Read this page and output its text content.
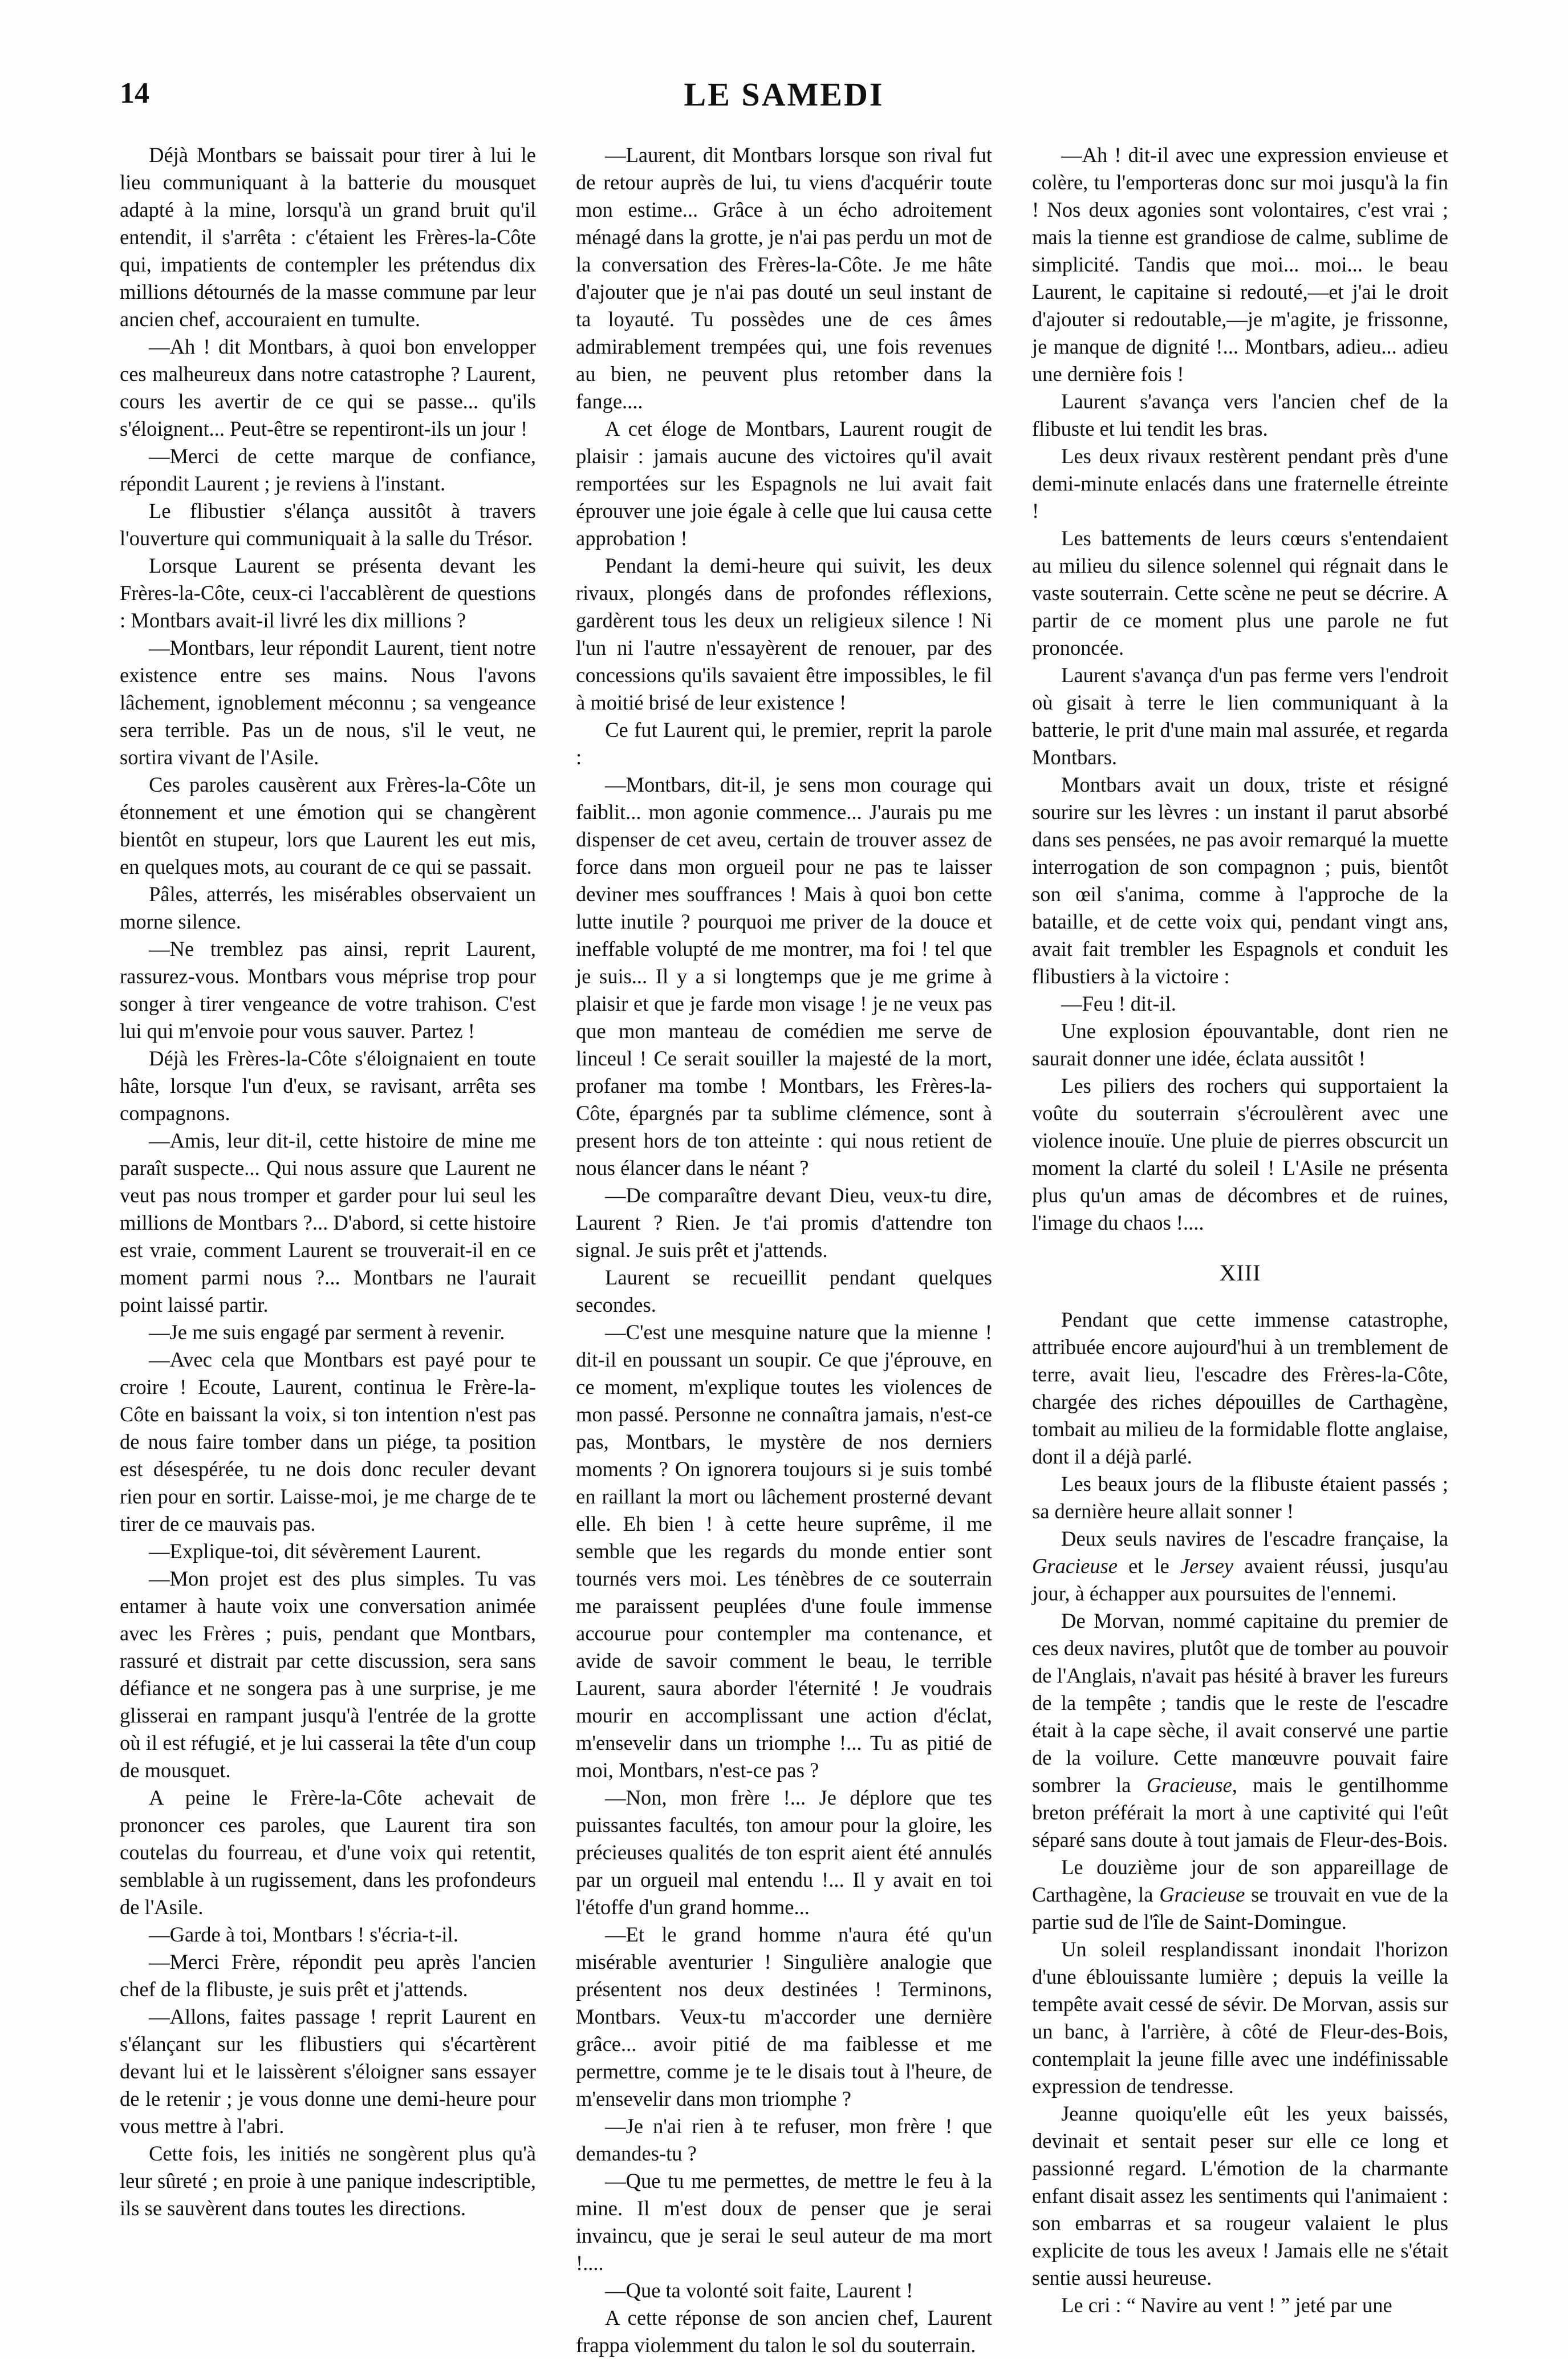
14	LE SAMEDI

Déjà Montbars se baissait pour tirer à lui le lieu communiquant à la batterie du mousquet adapté à la mine, lorsqu'à un grand bruit qu'il entendit, il s'arrêta : c'étaient les Frères-la-Côte qui, impatients de contempler les prétendus dix millions détournés de la masse commune par leur ancien chef, accouraient en tumulte.

—Ah ! dit Montbars, à quoi bon envelopper ces malheureux dans notre catastrophe ? Laurent, cours les avertir de ce qui se passe... qu'ils s'éloignent... Peut-être se repentiront-ils un jour !

—Merci de cette marque de confiance, répondit Laurent ; je reviens à l'instant.

Le flibustier s'élança aussitôt à travers l'ouverture qui communiquait à la salle du Trésor.

Lorsque Laurent se présenta devant les Frères-la-Côte, ceux-ci l'accablèrent de questions : Montbars avait-il livré les dix millions ?

—Montbars, leur répondit Laurent, tient notre existence entre ses mains. Nous l'avons lâchement, ignoblement méconnu ; sa vengeance sera terrible. Pas un de nous, s'il le veut, ne sortira vivant de l'Asile.

Ces paroles causèrent aux Frères-la-Côte un étonnement et une émotion qui se changèrent bientôt en stupeur, lors que Laurent les eut mis, en quelques mots, au courant de ce qui se passait.

Pâles, atterrés, les misérables observaient un morne silence.

—Ne tremblez pas ainsi, reprit Laurent, rassurez-vous. Montbars vous méprise trop pour songer à tirer vengeance de votre trahison. C'est lui qui m'envoie pour vous sauver. Partez !

Déjà les Frères-la-Côte s'éloignaient en toute hâte, lorsque l'un d'eux, se ravisant, arrêta ses compagnons.

—Amis, leur dit-il, cette histoire de mine me paraît suspecte... Qui nous assure que Laurent ne veut pas nous tromper et garder pour lui seul les millions de Montbars ?... D'abord, si cette histoire est vraie, comment Laurent se trouverait-il en ce moment parmi nous ?... Montbars ne l'aurait point laissé partir.

—Je me suis engagé par serment à revenir.

—Avec cela que Montbars est payé pour te croire ! Ecoute, Laurent, continua le Frère-la-Côte en baissant la voix, si ton intention n'est pas de nous faire tomber dans un piége, ta position est désespérée, tu ne dois donc reculer devant rien pour en sortir. Laisse-moi, je me charge de te tirer de ce mauvais pas.

—Explique-toi, dit sévèrement Laurent.

—Mon projet est des plus simples. Tu vas entamer à haute voix une conversation animée avec les Frères ; puis, pendant que Montbars, rassuré et distrait par cette discussion, sera sans défiance et ne songera pas à une surprise, je me glisserai en rampant jusqu'à l'entrée de la grotte où il est réfugié, et je lui casserai la tête d'un coup de mousquet.

A peine le Frère-la-Côte achevait de prononcer ces paroles, que Laurent tira son coutelas du fourreau, et d'une voix qui retentit, semblable à un rugissement, dans les profondeurs de l'Asile.

—Garde à toi, Montbars ! s'écria-t-il.

—Merci Frère, répondit peu après l'ancien chef de la flibuste, je suis prêt et j'attends.

—Allons, faites passage ! reprit Laurent en s'élançant sur les flibustiers qui s'écartèrent devant lui et le laissèrent s'éloigner sans essayer de le retenir ; je vous donne une demi-heure pour vous mettre à l'abri.

Cette fois, les initiés ne songèrent plus qu'à leur sûreté ; en proie à une panique indescriptible, ils se sauvèrent dans toutes les directions.

—Laurent, dit Montbars lorsque son rival fut de retour auprès de lui, tu viens d'acquérir toute mon estime... Grâce à un écho adroitement ménagé dans la grotte, je n'ai pas perdu un mot de la conversation des Frères-la-Côte. Je me hâte d'ajouter que je n'ai pas douté un seul instant de ta loyauté. Tu possèdes une de ces âmes admirablement trempées qui, une fois revenues au bien, ne peuvent plus retomber dans la fange....

A cet éloge de Montbars, Laurent rougit de plaisir : jamais aucune des victoires qu'il avait remportées sur les Espagnols ne lui avait fait éprouver une joie égale à celle que lui causa cette approbation !

Pendant la demi-heure qui suivit, les deux rivaux, plongés dans de profondes réflexions, gardèrent tous les deux un religieux silence ! Ni l'un ni l'autre n'essayèrent de renouer, par des concessions qu'ils savaient être impossibles, le fil à moitié brisé de leur existence !

Ce fut Laurent qui, le premier, reprit la parole :

—Montbars, dit-il, je sens mon courage qui faiblit... mon agonie commence... J'aurais pu me dispenser de cet aveu, certain de trouver assez de force dans mon orgueil pour ne pas te laisser deviner mes souffrances ! Mais à quoi bon cette lutte inutile ? pourquoi me priver de la douce et ineffable volupté de me montrer, ma foi ! tel que je suis... Il y a si longtemps que je me grime à plaisir et que je farde mon visage ! je ne veux pas que mon manteau de comédien me serve de linceul ! Ce serait souiller la majesté de la mort, profaner ma tombe ! Montbars, les Frères-la-Côte, épargnés par ta sublime clémence, sont à present hors de ton atteinte : qui nous retient de nous élancer dans le néant ?

—De comparaître devant Dieu, veux-tu dire, Laurent ? Rien. Je t'ai promis d'attendre ton signal. Je suis prêt et j'attends.

Laurent se recueillit pendant quelques secondes.

—C'est une mesquine nature que la mienne ! dit-il en poussant un soupir. Ce que j'éprouve, en ce moment, m'explique toutes les violences de mon passé. Personne ne connaîtra jamais, n'est-ce pas, Montbars, le mystère de nos derniers moments ? On ignorera toujours si je suis tombé en raillant la mort ou lâchement prosterné devant elle. Eh bien ! à cette heure suprême, il me semble que les regards du monde entier sont tournés vers moi. Les ténèbres de ce souterrain me paraissent peuplées d'une foule immense accourue pour contempler ma contenance, et avide de savoir comment le beau, le terrible Laurent, saura aborder l'éternité ! Je voudrais mourir en accomplissant une action d'éclat, m'ensevelir dans un triomphe !... Tu as pitié de moi, Montbars, n'est-ce pas ?

—Non, mon frère !... Je déplore que tes puissantes facultés, ton amour pour la gloire, les précieuses qualités de ton esprit aient été annulés par un orgueil mal entendu !... Il y avait en toi l'étoffe d'un grand homme...

—Et le grand homme n'aura été qu'un misérable aventurier ! Singulière analogie que présentent nos deux destinées ! Terminons, Montbars. Veux-tu m'accorder une dernière grâce... avoir pitié de ma faiblesse et me permettre, comme je te le disais tout à l'heure, de m'ensevelir dans mon triomphe ?

—Je n'ai rien à te refuser, mon frère ! que demandes-tu ?

—Que tu me permettes, de mettre le feu à la mine. Il m'est doux de penser que je serai invaincu, que je serai le seul auteur de ma mort !....

—Que ta volonté soit faite, Laurent !

A cette réponse de son ancien chef, Laurent frappa violemment du talon le sol du souterrain.

—Ah ! dit-il avec une expression envieuse et colère, tu l'emporteras donc sur moi jusqu'à la fin ! Nos deux agonies sont volontaires, c'est vrai ; mais la tienne est grandiose de calme, sublime de simplicité. Tandis que moi... moi... le beau Laurent, le capitaine si redouté,—et j'ai le droit d'ajouter si redoutable,—je m'agite, je frissonne, je manque de dignité !... Montbars, adieu... adieu une dernière fois !

Laurent s'avança vers l'ancien chef de la flibuste et lui tendit les bras.

Les deux rivaux restèrent pendant près d'une demi-minute enlacés dans une fraternelle étreinte !

Les battements de leurs cœurs s'entendaient au milieu du silence solennel qui régnait dans le vaste souterrain. Cette scène ne peut se décrire. A partir de ce moment plus une parole ne fut prononcée.

Laurent s'avança d'un pas ferme vers l'endroit où gisait à terre le lien communiquant à la batterie, le prit d'une main mal assurée, et regarda Montbars.

Montbars avait un doux, triste et résigné sourire sur les lèvres : un instant il parut absorbé dans ses pensées, ne pas avoir remarqué la muette interrogation de son compagnon ; puis, bientôt son œil s'anima, comme à l'approche de la bataille, et de cette voix qui, pendant vingt ans, avait fait trembler les Espagnols et conduit les flibustiers à la victoire :

—Feu ! dit-il.

Une explosion épouvantable, dont rien ne saurait donner une idée, éclata aussitôt !

Les piliers des rochers qui supportaient la voûte du souterrain s'écroulèrent avec une violence inouïe. Une pluie de pierres obscurcit un moment la clarté du soleil ! L'Asile ne présenta plus qu'un amas de décombres et de ruines, l'image du chaos !....

XIII

Pendant que cette immense catastrophe, attribuée encore aujourd'hui à un tremblement de terre, avait lieu, l'escadre des Frères-la-Côte, chargée des riches dépouilles de Carthagène, tombait au milieu de la formidable flotte anglaise, dont il a déjà parlé.

Les beaux jours de la flibuste étaient passés ; sa dernière heure allait sonner !

Deux seuls navires de l'escadre française, la Gracieuse et le Jersey avaient réussi, jusqu'au jour, à échapper aux poursuites de l'ennemi.

De Morvan, nommé capitaine du premier de ces deux navires, plutôt que de tomber au pouvoir de l'Anglais, n'avait pas hésité à braver les fureurs de la tempête ; tandis que le reste de l'escadre était à la cape sèche, il avait conservé une partie de la voilure. Cette manœuvre pouvait faire sombrer la Gracieuse, mais le gentilhomme breton préférait la mort à une captivité qui l'eût séparé sans doute à tout jamais de Fleur-des-Bois.

Le douzième jour de son appareillage de Carthagène, la Gracieuse se trouvait en vue de la partie sud de l'île de Saint-Domingue.

Un soleil resplandissant inondait l'horizon d'une éblouissante lumière ; depuis la veille la tempête avait cessé de sévir. De Morvan, assis sur un banc, à l'arrière, à côté de Fleur-des-Bois, contemplait la jeune fille avec une indéfinissable expression de tendresse.

Jeanne quoiqu'elle eût les yeux baissés, devinait et sentait peser sur elle ce long et passionné regard. L'émotion de la charmante enfant disait assez les sentiments qui l'animaient : son embarras et sa rougeur valaient le plus explicite de tous les aveux ! Jamais elle ne s'était sentie aussi heureuse.

Le cri : “ Navire au vent ! ” jeté par une
